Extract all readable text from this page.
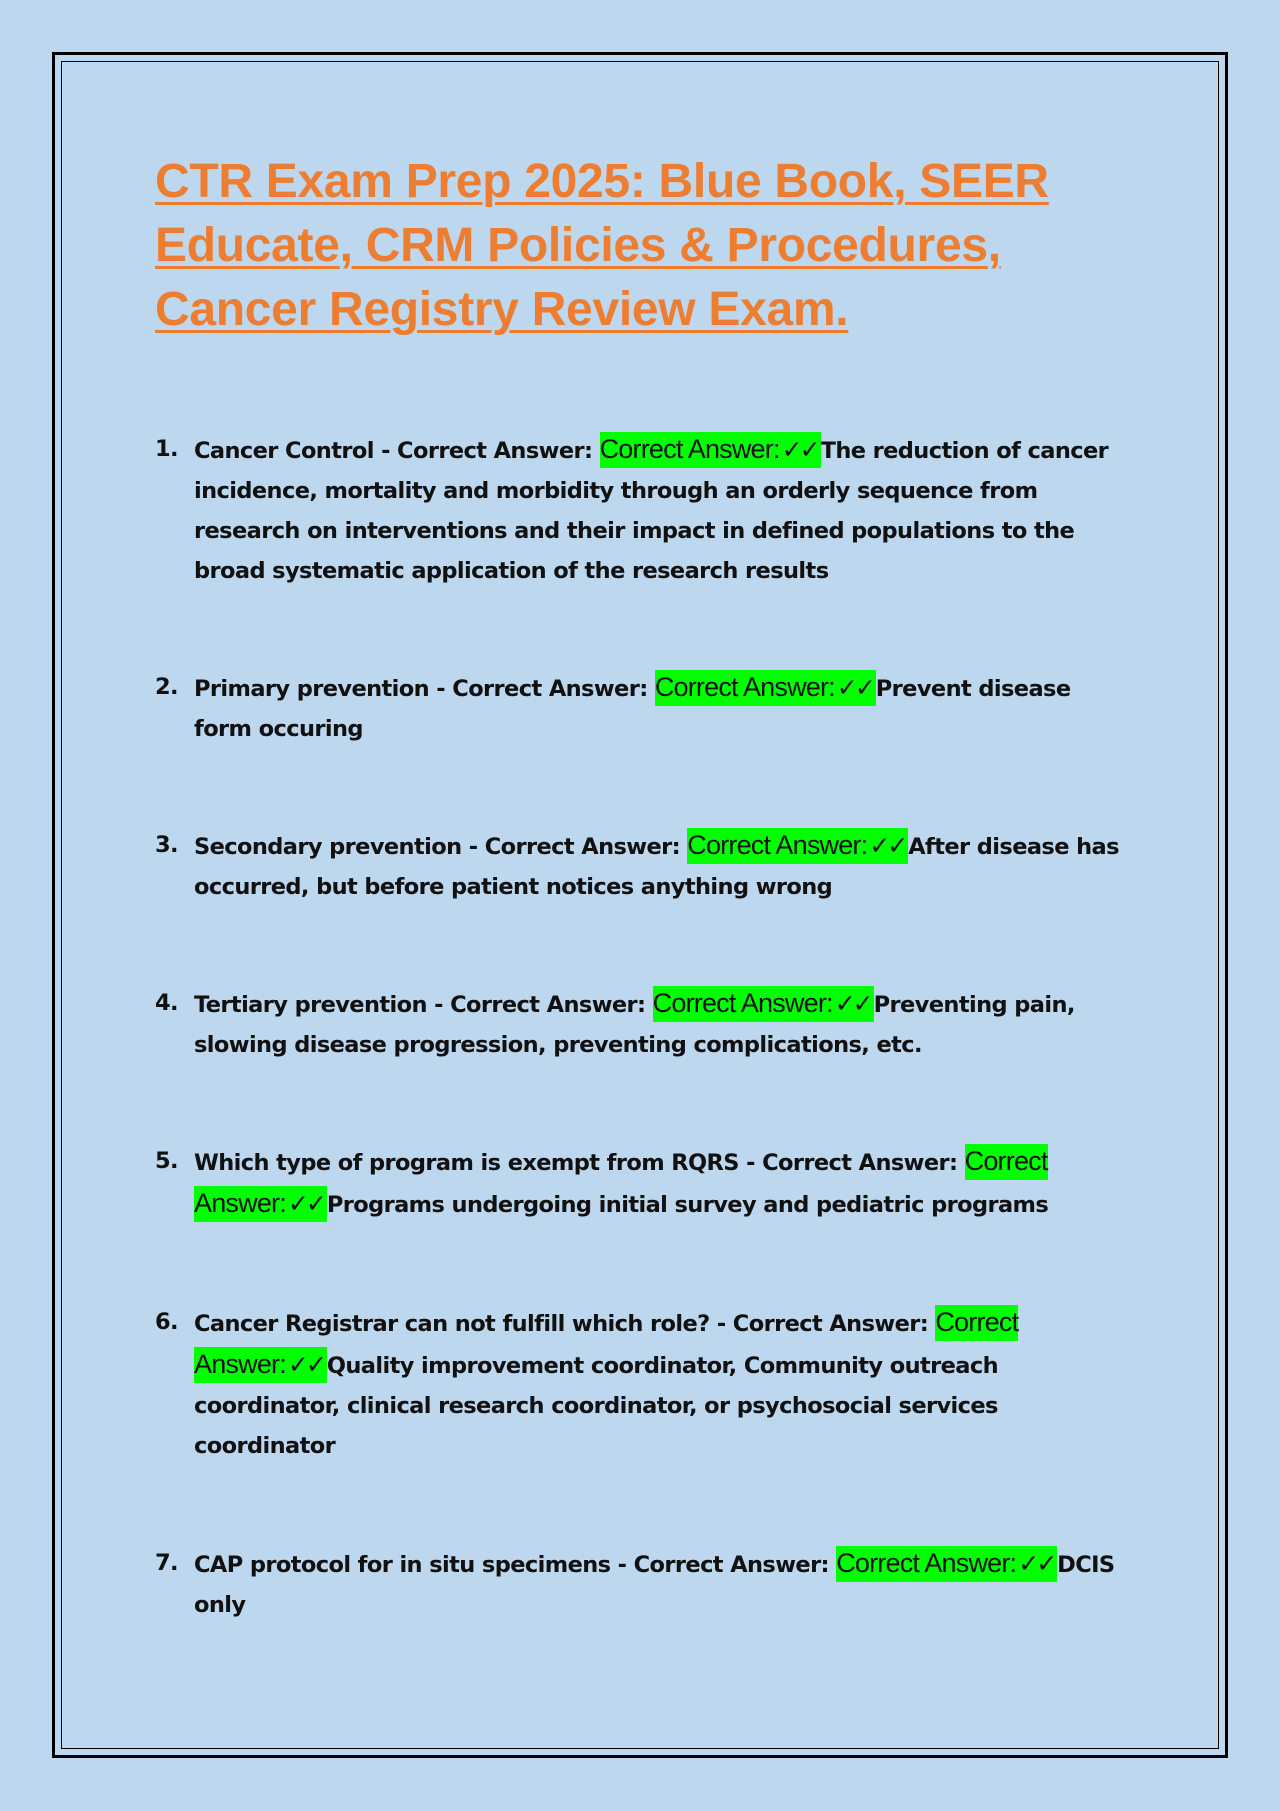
CTR Exam Prep 2025: Blue Book, SEER Educate, CRM Policies & Procedures, Cancer Registry Review Exam.
1. Cancer Control - Correct Answer: Correct Answer:✓✓ The reduction of cancer incidence, mortality and morbidity through an orderly sequence from research on interventions and their impact in defined populations to the broad systematic application of the research results
2. Primary prevention - Correct Answer: Correct Answer:✓✓ Prevent disease form occuring
3. Secondary prevention - Correct Answer: Correct Answer:✓✓ After disease has occurred, but before patient notices anything wrong
4. Tertiary prevention - Correct Answer: Correct Answer:✓✓ Preventing pain, slowing disease progression, preventing complications, etc.
5. Which type of program is exempt from RQRS - Correct Answer: Correct Answer:✓✓ Programs undergoing initial survey and pediatric programs
6. Cancer Registrar can not fulfill which role? - Correct Answer: Correct Answer:✓✓ Quality improvement coordinator, Community outreach coordinator, clinical research coordinator, or psychosocial services coordinator
7. CAP protocol for in situ specimens - Correct Answer: Correct Answer:✓✓ DCIS only
